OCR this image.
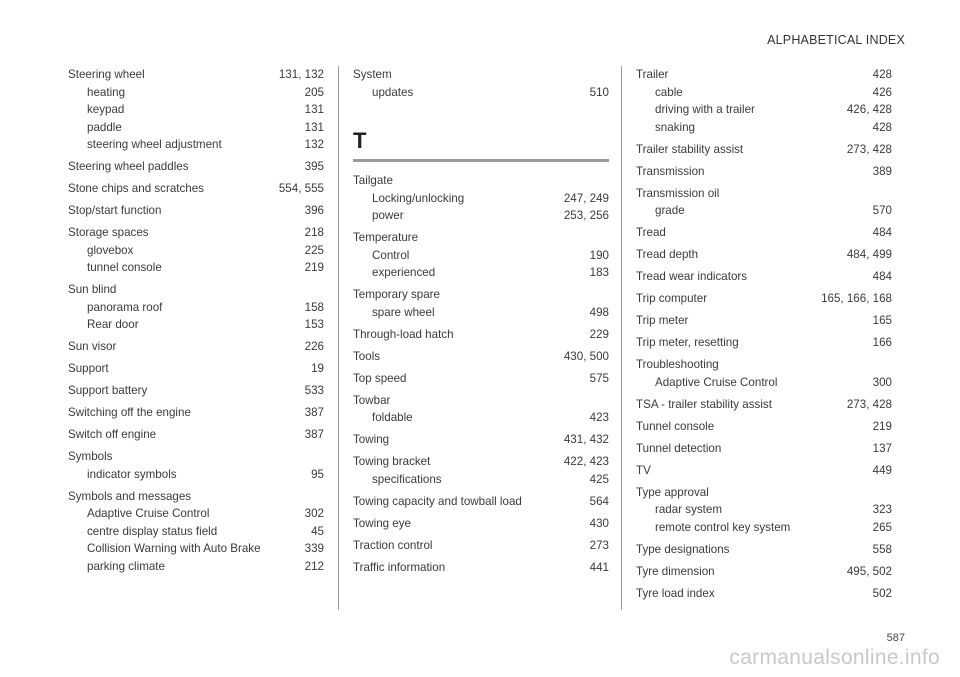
ALPHABETICAL INDEX
Steering wheel	131, 132
heating	205
keypad	131
paddle	131
steering wheel adjustment	132
Steering wheel paddles	395
Stone chips and scratches	554, 555
Stop/start function	396
Storage spaces	218
glovebox	225
tunnel console	219
Sun blind
panorama roof	158
Rear door	153
Sun visor	226
Support	19
Support battery	533
Switching off the engine	387
Switch off engine	387
Symbols
indicator symbols	95
Symbols and messages
Adaptive Cruise Control	302
centre display status field	45
Collision Warning with Auto Brake	339
parking climate	212
System
updates	510
T
Tailgate
Locking/unlocking	247, 249
power	253, 256
Temperature
Control	190
experienced	183
Temporary spare
spare wheel	498
Through-load hatch	229
Tools	430, 500
Top speed	575
Towbar
foldable	423
Towing	431, 432
Towing bracket	422, 423
specifications	425
Towing capacity and towball load	564
Towing eye	430
Traction control	273
Traffic information	441
Trailer	428
cable	426
driving with a trailer	426, 428
snaking	428
Trailer stability assist	273, 428
Transmission	389
Transmission oil
grade	570
Tread	484
Tread depth	484, 499
Tread wear indicators	484
Trip computer	165, 166, 168
Trip meter	165
Trip meter, resetting	166
Troubleshooting
Adaptive Cruise Control	300
TSA - trailer stability assist	273, 428
Tunnel console	219
Tunnel detection	137
TV	449
Type approval
radar system	323
remote control key system	265
Type designations	558
Tyre dimension	495, 502
Tyre load index	502
587
carmanualsonline.info
